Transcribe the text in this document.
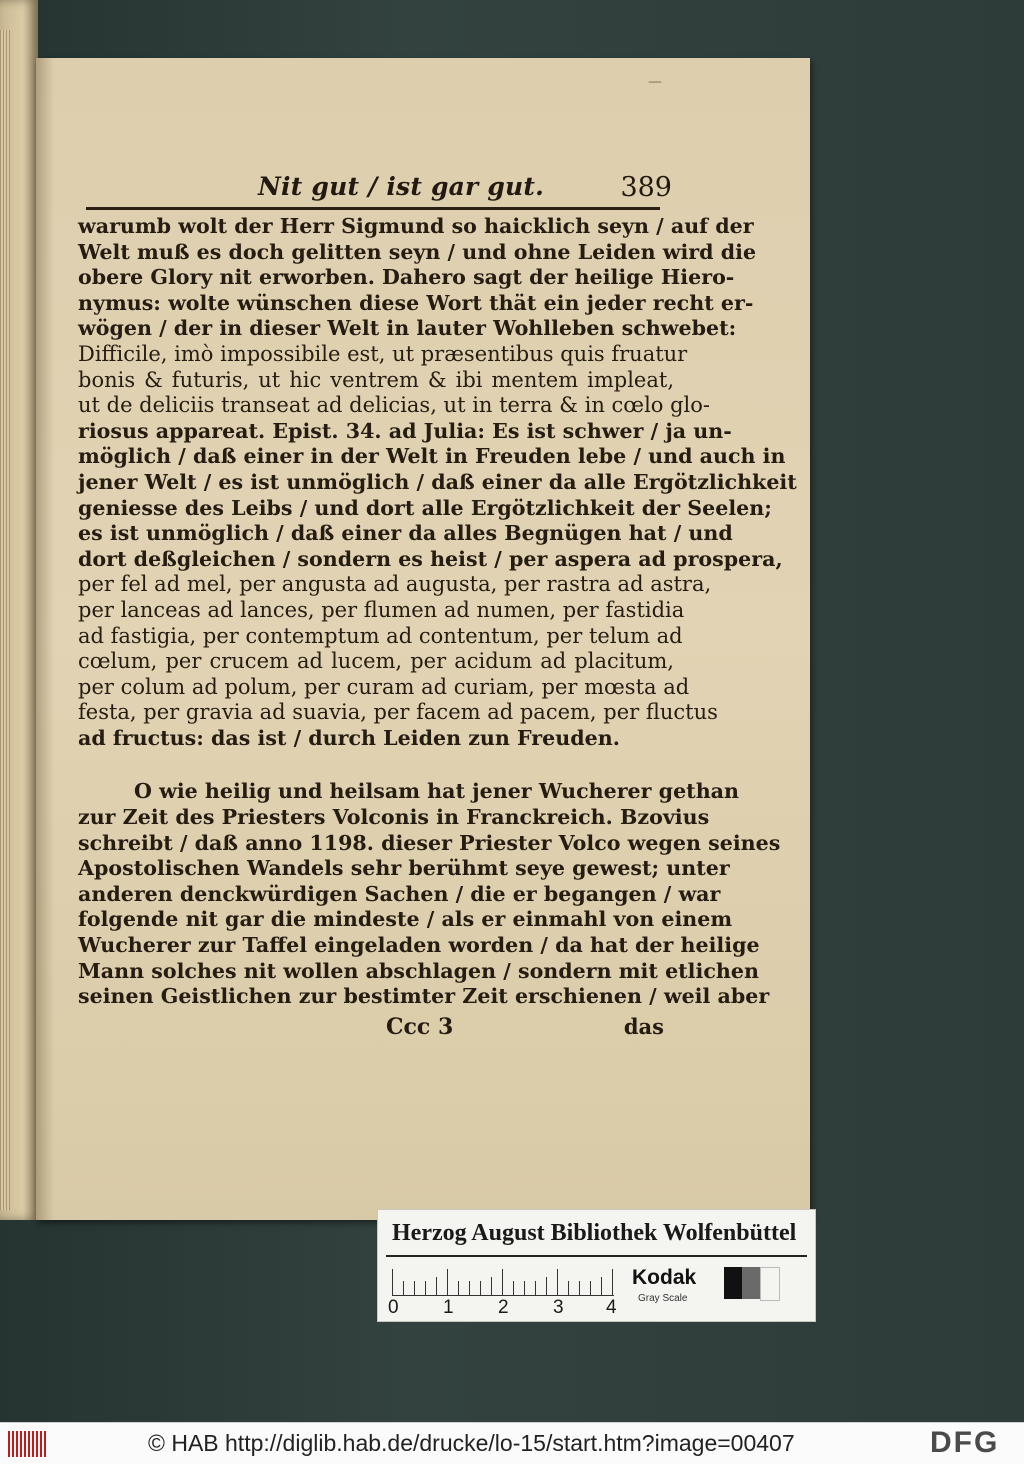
—
Nit gut / ist gar gut.	389
warumb wolt der Herr Sigmund so haicklich seyn / auf der
Welt muß es doch gelitten seyn / und ohne Leiden wird die
obere Glory nit erworben. Dahero sagt der heilige Hiero-
nymus: wolte wünschen diese Wort thät ein jeder recht er-
wögen / der in dieser Welt in lauter Wohlleben schwebet:
Difficile, imò impossibile est, ut præsentibus quis fruatur
bonis & futuris, ut hic ventrem & ibi mentem impleat,
ut de deliciis transeat ad delicias, ut in terra & in cœlo glo-
riosus appareat. Epist. 34. ad Julia: Es ist schwer / ja un-
möglich / daß einer in der Welt in Freuden lebe / und auch in
jener Welt / es ist unmöglich / daß einer da alle Ergötzlichkeit
geniesse des Leibs / und dort alle Ergötzlichkeit der Seelen;
es ist unmöglich / daß einer da alles Begnügen hat / und
dort deßgleichen / sondern es heist / per aspera ad prospera,
per fel ad mel, per angusta ad augusta, per rastra ad astra,
per lanceas ad lances, per flumen ad numen, per fastidia
ad fastigia, per contemptum ad contentum, per telum ad
cœlum, per crucem ad lucem, per acidum ad placitum,
per colum ad polum, per curam ad curiam, per mœsta ad
festa, per gravia ad suavia, per facem ad pacem, per fluctus
ad fructus: das ist / durch Leiden zun Freuden.
O wie heilig und heilsam hat jener Wucherer gethan
zur Zeit des Priesters Volconis in Franckreich. Bzovius
schreibt / daß anno 1198. dieser Priester Volco wegen seines
Apostolischen Wandels sehr berühmt seye gewest; unter
anderen denckwürdigen Sachen / die er begangen / war
folgende nit gar die mindeste / als er einmahl von einem
Wucherer zur Taffel eingeladen worden / da hat der heilige
Mann solches nit wollen abschlagen / sondern mit etlichen
seinen Geistlichen zur bestimter Zeit erschienen / weil aber
Ccc 3	das
Herzog August Bibliothek Wolfenbüttel
0 1 2 3 4
Kodak
Gray Scale
© HAB http://diglib.hab.de/drucke/lo-15/start.htm?image=00407	DFG
